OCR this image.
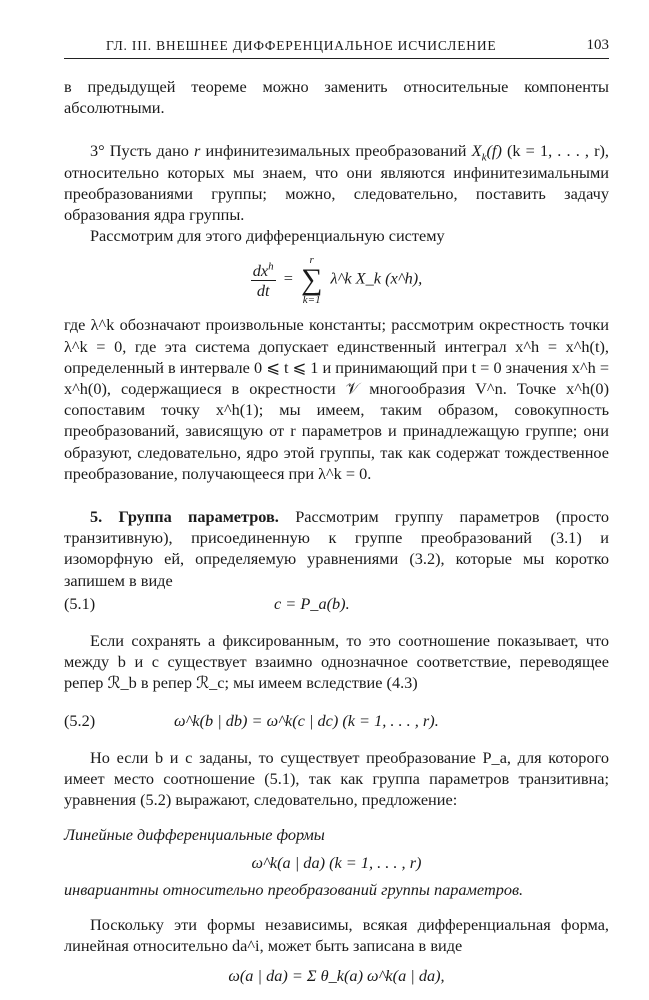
ГЛ. III. ВНЕШНЕЕ ДИФФЕРЕНЦИАЛЬНОЕ ИСЧИСЛЕНИЕ	103

в предыдущей теореме можно заменить относительные компоненты абсолютными.

3° Пусть дано r инфинитезимальных преобразований $X_k(f) (k = 1$, . . . , r), относительно которых мы знаем, что они являются инфинитезимальными преобразованиями группы; можно, следовательно, поставить задачу образования ядра группы.

Рассмотрим для этого дифференциальную систему

$\frac{dx^h}{dt}$ =
r
∑
k=1
λ^k X_k (x^h),

где λ^k обозначают произвольные константы; рассмотрим окрестность точки λ^k = 0, где эта система допускает единственный интеграл x^h = x^h(t), определенный в интервале 0 ⩽ t ⩽ 1 и принимающий при t = 0 значения x^h = x^h(0), содержащиеся в окрестности 𝒱 многообразия V^n. Точке x^h(0) сопоставим точку x^h(1); мы имеем, таким образом, совокупность преобразований, зависящую от r параметров и принадлежащую группе; они образуют, следовательно, ядро этой группы, так как содержат тождественное преобразование, получающееся при λ^k = 0.

5. Группа параметров. Рассмотрим группу параметров (просто транзитивную), присоединенную к группе преобразований (3.1) и изоморфную ей, определяемую уравнениями (3.2), которые мы коротко запишем в виде

(5.1)	c = P_a(b).

Если сохранять a фиксированным, то это соотношение показывает, что между b и c существует взаимно однозначное соответствие, переводящее репер ℛ_b в репер ℛ_c; мы имеем вследствие (4.3)

(5.2)	ω^k(b | db) = ω^k(c | dc) (k = 1, . . . , r).

Но если b и c заданы, то существует преобразование P_a, для которого имеет место соотношение (5.1), так как группа параметров транзитивна; уравнения (5.2) выражают, следовательно, предложение:

Линейные дифференциальные формы

ω^k(a | da) (k = 1, . . . , r)

инвариантны относительно преобразований группы параметров.

Поскольку эти формы независимы, всякая дифференциальная форма, линейная относительно da^i, может быть записана в виде

ω(a | da) = Σ θ_k(a) ω^k(a | da),
